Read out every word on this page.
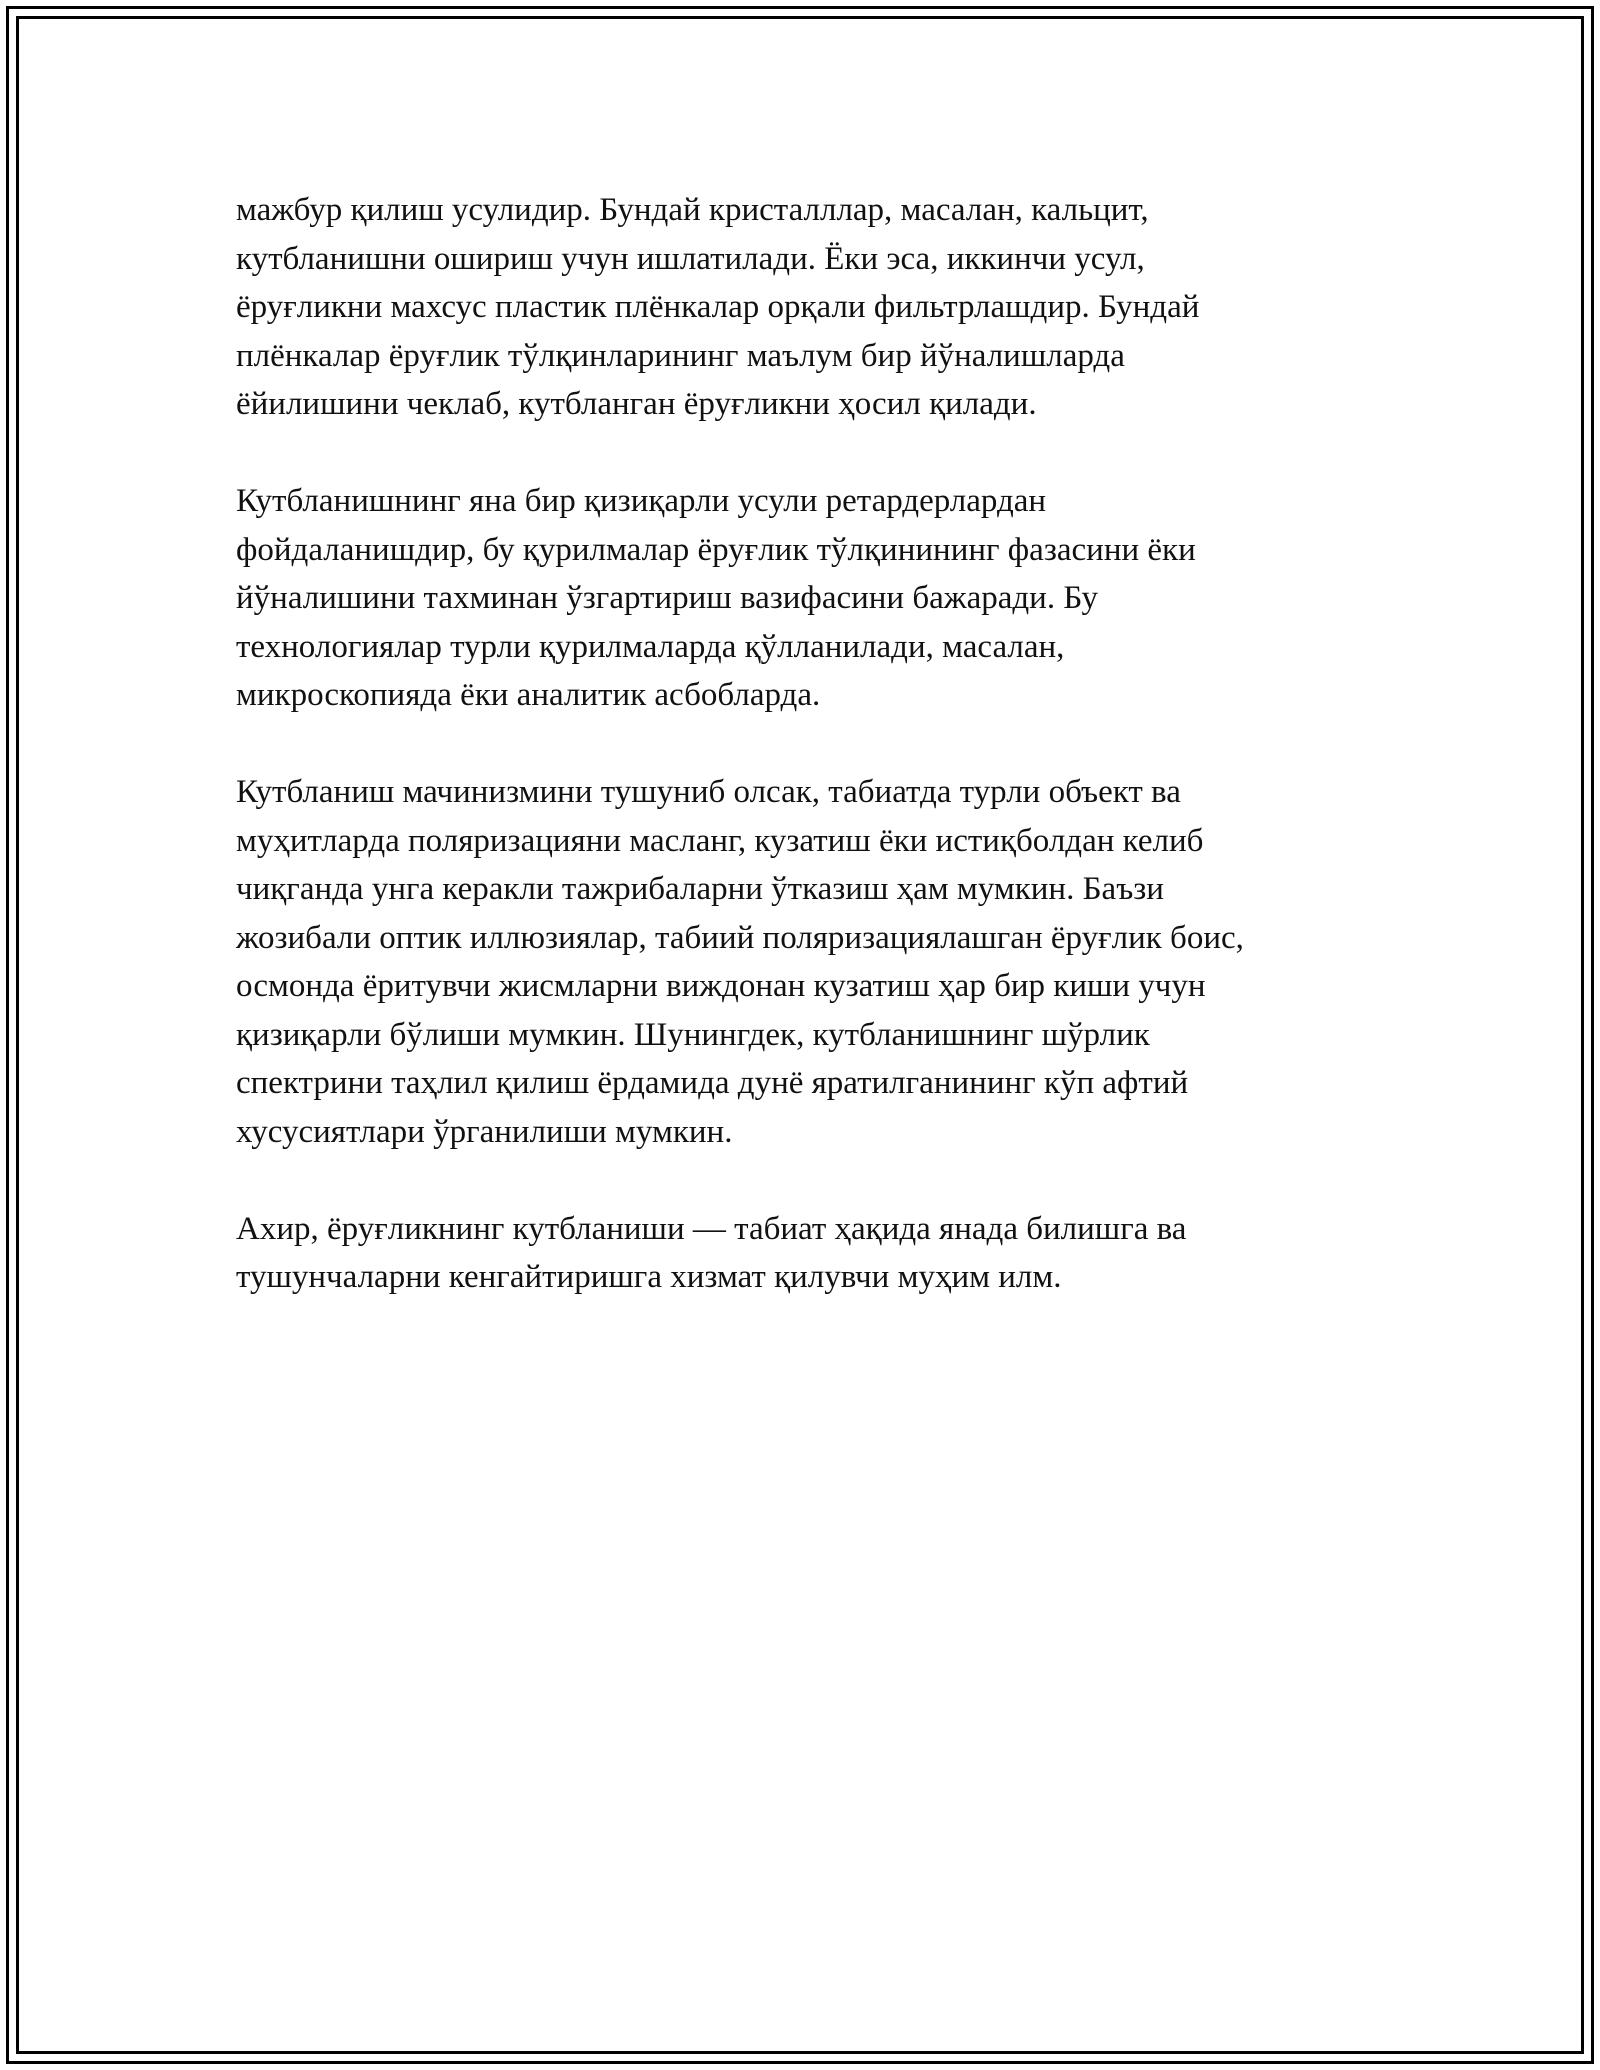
мажбур қилиш усулидир. Бундай кристалллар, масалан, кальцит,
кутбланишни ошириш учун ишлатилади. Ёки эса, иккинчи усул,
ёруғликни махсус пластик плёнкалар орқали фильтрлашдир. Бундай
плёнкалар ёруғлик тўлқинларининг маълум бир йўналишларда
ёйилишини чеклаб, кутбланган ёруғликни ҳосил қилади.

Кутбланишнинг яна бир қизиқарли усули ретардерлардан
фойдаланишдир, бу қурилмалар ёруғлик тўлқинининг фазасини ёки
йўналишини тахминан ўзгартириш вазифасини бажаради. Бу
технологиялар турли қурилмаларда қўлланилади, масалан,
микроскопияда ёки аналитик асбобларда.

Кутбланиш мачинизмини тушуниб олсак, табиатда турли объект ва
муҳитларда поляризацияни масланг, кузатиш ёки истиқболдан келиб
чиқганда унга керакли тажрибаларни ўтказиш ҳам мумкин. Баъзи
жозибали оптик иллюзиялар, табиий поляризациялашган ёруғлик боис,
осмонда ёритувчи жисмларни виждонан кузатиш ҳар бир киши учун
қизиқарли бўлиши мумкин. Шунингдек, кутбланишнинг шўрлик
спектрини таҳлил қилиш ёрдамида дунё яратилганининг кўп афтий
хусусиятлари ўрганилиши мумкин.

Ахир, ёруғликнинг кутбланиши — табиат ҳақида янада билишга ва
тушунчаларни кенгайтиришга хизмат қилувчи муҳим илм.
